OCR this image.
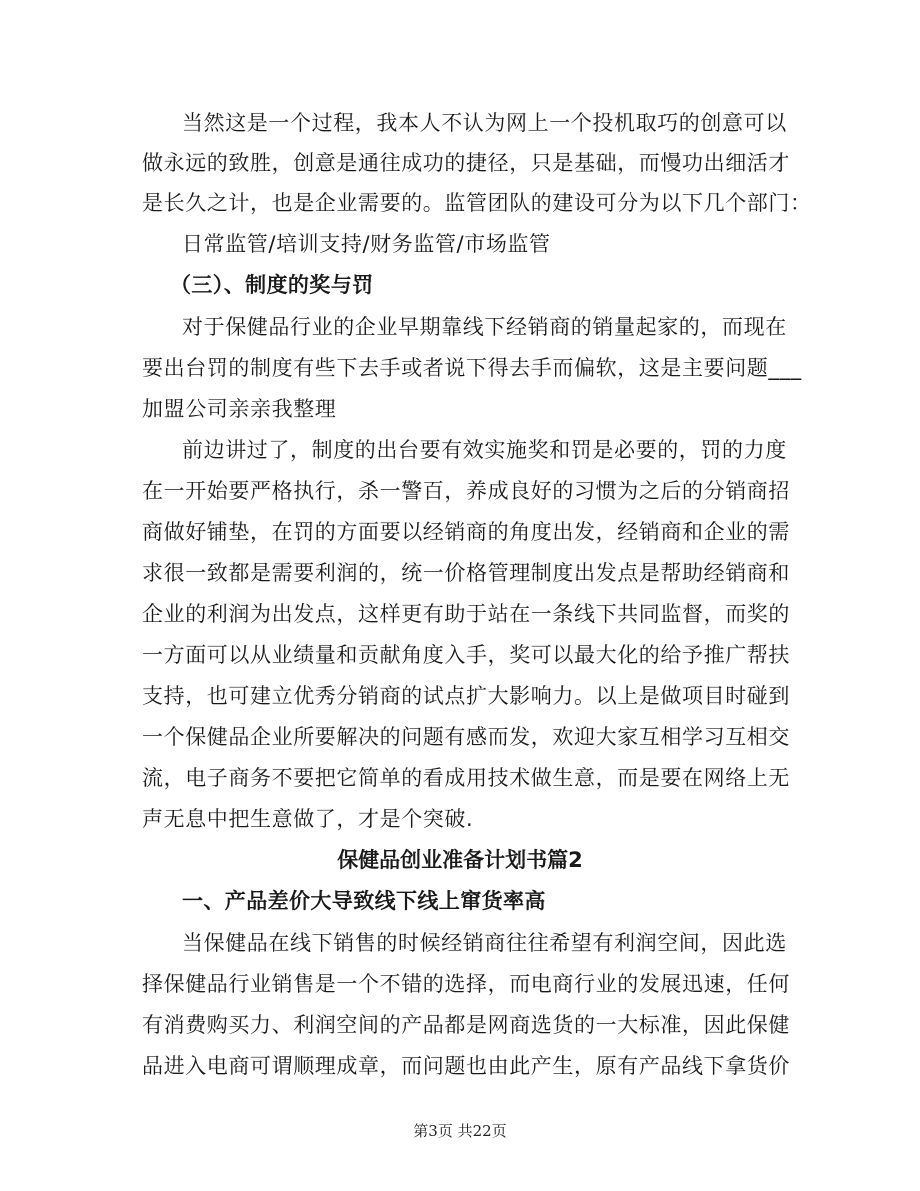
当然这是一个过程，我本人不认为网上一个投机取巧的创意可以
做永远的致胜，创意是通往成功的捷径，只是基础，而慢功出细活才
是长久之计，也是企业需要的。监管团队的建设可分为以下几个部门：
日常监管/培训支持/财务监管/市场监管
（三）、制度的奖与罚
对于保健品行业的企业早期靠线下经销商的销量起家的，而现在
要出台罚的制度有些下去手或者说下得去手而偏软，这是主要问题___
加盟公司亲亲我整理
前边讲过了，制度的出台要有效实施奖和罚是必要的，罚的力度
在一开始要严格执行，杀一警百，养成良好的习惯为之后的分销商招
商做好铺垫，在罚的方面要以经销商的角度出发，经销商和企业的需
求很一致都是需要利润的，统一价格管理制度出发点是帮助经销商和
企业的利润为出发点，这样更有助于站在一条线下共同监督，而奖的
一方面可以从业绩量和贡献角度入手，奖可以最大化的给予推广帮扶
支持，也可建立优秀分销商的试点扩大影响力。以上是做项目时碰到
一个保健品企业所要解决的问题有感而发，欢迎大家互相学习互相交
流，电子商务不要把它简单的看成用技术做生意，而是要在网络上无
声无息中把生意做了，才是个突破.
保健品创业准备计划书篇2
一、产品差价大导致线下线上窜货率高
当保健品在线下销售的时候经销商往往希望有利润空间，因此选
择保健品行业销售是一个不错的选择，而电商行业的发展迅速，任何
有消费购买力、利润空间的产品都是网商选货的一大标准，因此保健
品进入电商可谓顺理成章，而问题也由此产生，原有产品线下拿货价
第3页 共22页
